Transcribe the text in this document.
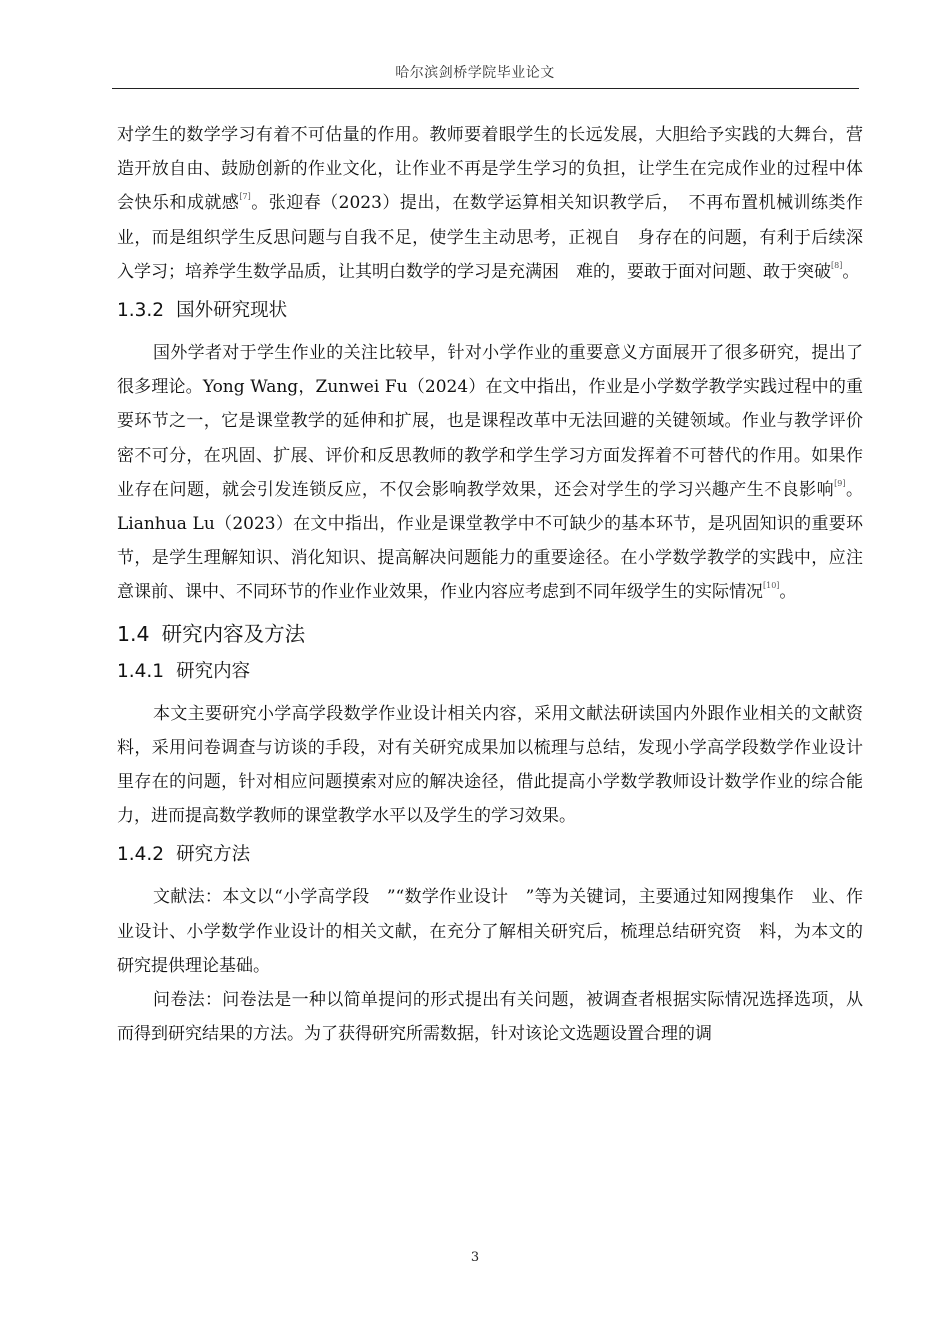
哈尔滨剑桥学院毕业论文

对学生的数学学习有着不可估量的作用。教师要着眼学生的长远发展，大胆给予实践的大舞台，营造开放自由、鼓励创新的作业文化，让作业不再是学生学习的负担，让学生在完成作业的过程中体会快乐和成就感[7]。张迎春（2023）提出，在数学运算相关知识教学后，　不再布置机械训练类作业，而是组织学生反思问题与自我不足，使学生主动思考，正视自　身存在的问题，有利于后续深入学习；培养学生数学品质，让其明白数学的学习是充满困　难的，要敢于面对问题、敢于突破[8]。

1.3.2 国外研究现状

国外学者对于学生作业的关注比较早，针对小学作业的重要意义方面展开了很多研究，提出了很多理论。Yong Wang，Zunwei Fu（2024）在文中指出，作业是小学数学教学实践过程中的重要环节之一，它是课堂教学的延伸和扩展，也是课程改革中无法回避的关键领域。作业与教学评价密不可分，在巩固、扩展、评价和反思教师的教学和学生学习方面发挥着不可替代的作用。如果作业存在问题，就会引发连锁反应，不仅会影响教学效果，还会对学生的学习兴趣产生不良影响[9]。Lianhua Lu（2023）在文中指出，作业是课堂教学中不可缺少的基本环节，是巩固知识的重要环节，是学生理解知识、消化知识、提高解决问题能力的重要途径。在小学数学教学的实践中，应注意课前、课中、不同环节的作业作业效果，作业内容应考虑到不同年级学生的实际情况[10]。

1.4 研究内容及方法
1.4.1 研究内容

本文主要研究小学高学段数学作业设计相关内容，采用文献法研读国内外跟作业相关的文献资料，采用问卷调查与访谈的手段，对有关研究成果加以梳理与总结，发现小学高学段数学作业设计里存在的问题，针对相应问题摸索对应的解决途径，借此提高小学数学教师设计数学作业的综合能力，进而提高数学教师的课堂教学水平以及学生的学习效果。

1.4.2 研究方法

文献法：本文以“小学高学段　”“数学作业设计　”等为关键词，主要通过知网搜集作　业、作业设计、小学数学作业设计的相关文献，在充分了解相关研究后，梳理总结研究资　料，为本文的研究提供理论基础。

问卷法：问卷法是一种以简单提问的形式提出有关问题，被调查者根据实际情况选择选项，从而得到研究结果的方法。为了获得研究所需数据，针对该论文选题设置合理的调

3
